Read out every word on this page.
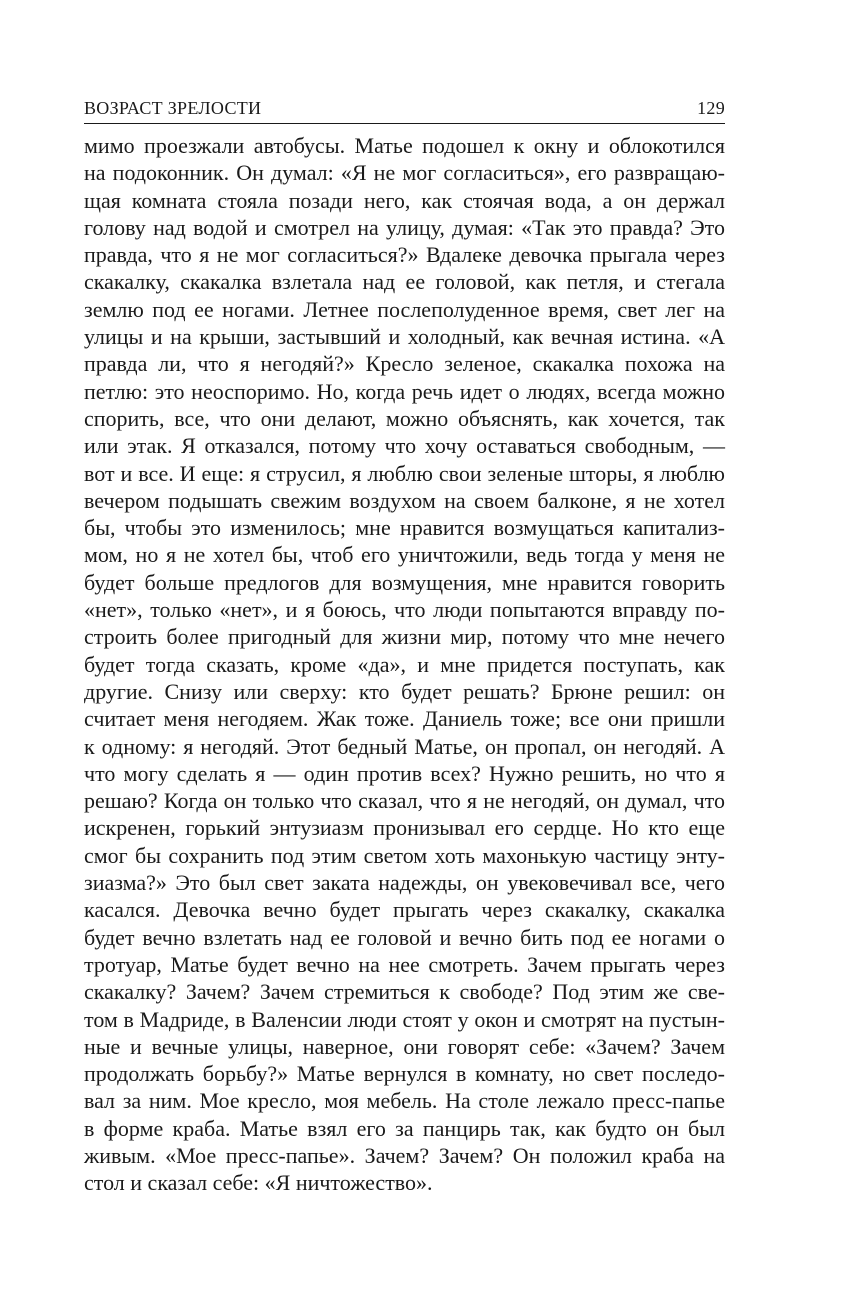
ВОЗРАСТ ЗРЕЛОСТИ	129
мимо проезжали автобусы. Матье подошел к окну и облокотился
на подоконник. Он думал: «Я не мог согласиться», его развращаю-
щая комната стояла позади него, как стоячая вода, а он держал
голову над водой и смотрел на улицу, думая: «Так это правда? Это
правда, что я не мог согласиться?» Вдалеке девочка прыгала через
скакалку, скакалка взлетала над ее головой, как петля, и стегала
землю под ее ногами. Летнее послеполуденное время, свет лег на
улицы и на крыши, застывший и холодный, как вечная истина. «А
правда ли, что я негодяй?» Кресло зеленое, скакалка похожа на
петлю: это неоспоримо. Но, когда речь идет о людях, всегда можно
спорить, все, что они делают, можно объяснять, как хочется, так
или этак. Я отказался, потому что хочу оставаться свободным, —
вот и все. И еще: я струсил, я люблю свои зеленые шторы, я люблю
вечером подышать свежим воздухом на своем балконе, я не хотел
бы, чтобы это изменилось; мне нравится возмущаться капитализ-
мом, но я не хотел бы, чтоб его уничтожили, ведь тогда у меня не
будет больше предлогов для возмущения, мне нравится говорить
«нет», только «нет», и я боюсь, что люди попытаются вправду по-
строить более пригодный для жизни мир, потому что мне нечего
будет тогда сказать, кроме «да», и мне придется поступать, как
другие. Снизу или сверху: кто будет решать? Брюне решил: он
считает меня негодяем. Жак тоже. Даниель тоже; все они пришли
к одному: я негодяй. Этот бедный Матье, он пропал, он негодяй. А
что могу сделать я — один против всех? Нужно решить, но что я
решаю? Когда он только что сказал, что я не негодяй, он думал, что
искренен, горький энтузиазм пронизывал его сердце. Но кто еще
смог бы сохранить под этим светом хоть махонькую частицу энту-
зиазма?» Это был свет заката надежды, он увековечивал все, чего
касался. Девочка вечно будет прыгать через скакалку, скакалка
будет вечно взлетать над ее головой и вечно бить под ее ногами о
тротуар, Матье будет вечно на нее смотреть. Зачем прыгать через
скакалку? Зачем? Зачем стремиться к свободе? Под этим же све-
том в Мадриде, в Валенсии люди стоят у окон и смотрят на пустын-
ные и вечные улицы, наверное, они говорят себе: «Зачем? Зачем
продолжать борьбу?» Матье вернулся в комнату, но свет последо-
вал за ним. Мое кресло, моя мебель. На столе лежало пресс-папье
в форме краба. Матье взял его за панцирь так, как будто он был
живым. «Мое пресс-папье». Зачем? Зачем? Он положил краба на
стол и сказал себе: «Я ничтожество».
